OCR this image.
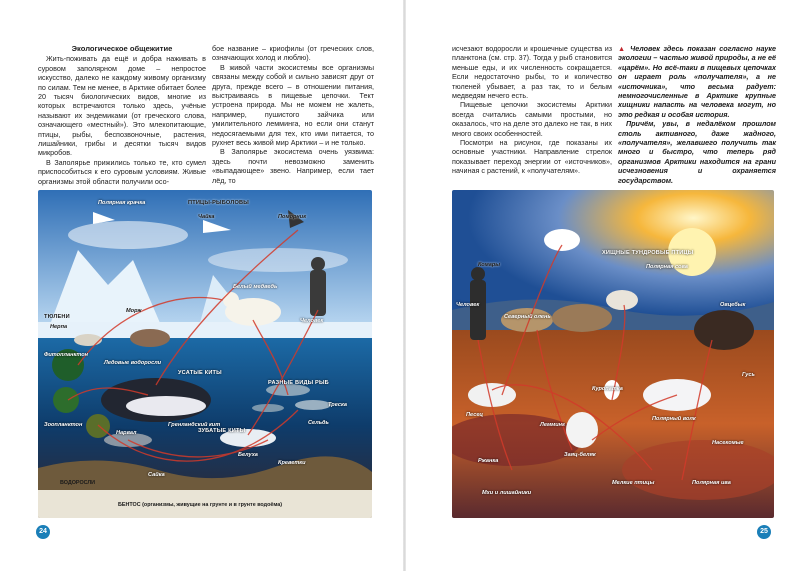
Экологическое общежитие

Жить-поживать да ещё и добра наживать в суровом заполярном доме – непростое искусство, далеко не каждому живому организму по силам. Тем не менее, в Арктике обитает более 20 тысяч биологических видов, многие из которых встречаются только здесь, учёные называют их эндемиками (от греческого слова, означающего «местный»). Это млекопитающие, птицы, рыбы, беспозвоночные, растения, лишайники, грибы и десятки тысяч видов микробов.

В Заполярье прижились только те, кто сумел приспособиться к его суровым условиям. Живые организмы этой области получили осо-

бое название – криофилы (от греческих слов, означающих холод и люблю).

В живой части экосистемы все организмы связаны между собой и сильно зависят друг от друга, прежде всего – в отношении питания, выстраиваясь в пищевые цепочки. Тект устроена природа. Мы не можем не жалеть, например, пушистого зайчика или умилительного лемминга, но если они станут недосягаемыми для тех, кто ими питается, то рухнет весь живой мир Арктики – и не только.

В Заполярье экосистема очень уязвима: здесь почти невозможно заменить «выпадающее» звено. Например, если тает лёд, то

Полярная крачка	ПТИЦЫ-РЫБОЛОВЫ
Чайка	Поморник
Белый медведь
Человек
ТЮЛЕНИ
Нерпа
Морж
Фитопланктон
Ледовые водоросли
Зоопланктон
УСАТЫЕ КИТЫ
РАЗНЫЕ ВИДЫ РЫБ
ЗУБАТЫЕ КИТЫ
Нарвал
Гренландский кит
Белуха
Креветки
Сайка
Сельдь
Треска
ВОДОРОСЛИ
БЕНТОС (организмы, живущие на грунте и в грунте водоёма)
24

исчезают водоросли и крошечные существа из планктона (см. стр. 37). Тогда у рыб становится меньше еды, и их численность сокращается. Если недостаточно рыбы, то и количество тюленей убывает, а раз так, то и белым медведям нечего есть.

Пищевые цепочки экосистемы Арктики всегда считались самыми простыми, но оказалось, что на деле это далеко не так, в них много своих особенностей.

Посмотри на рисунок, где показаны их основные участники. Направление стрелок показывает переход энергии от «источников», начиная с растений, к «получателям».

▲ Человек здесь показан согласно науке экологии – частью живой природы, а не её «царём». Но всё-таки в пищевых цепочках он играет роль «получателя», а не «источника», что весьма радует: немногочисленные в Арктике крупные хищники напасть на человека могут, но это редкая и особая история.

Причём, увы, в недалёком прошлом столь активного, даже жадного, «получателя», желавшего получить так много и быстро, что теперь ряд организмов Арктики находится на грани исчезновения и охраняется государством.

Комары
ХИЩНЫЕ ТУНДРОВЫЕ ПТИЦЫ
Полярная сова
Человек
Северный олень
Овцебык
Песец
Куропатка
Заяц-беляк
Полярный волк
Лемминг
Мхи и лишайники
Ржанка
Гусь
Полярная ива
Мелкие птицы
Насекомые
25
